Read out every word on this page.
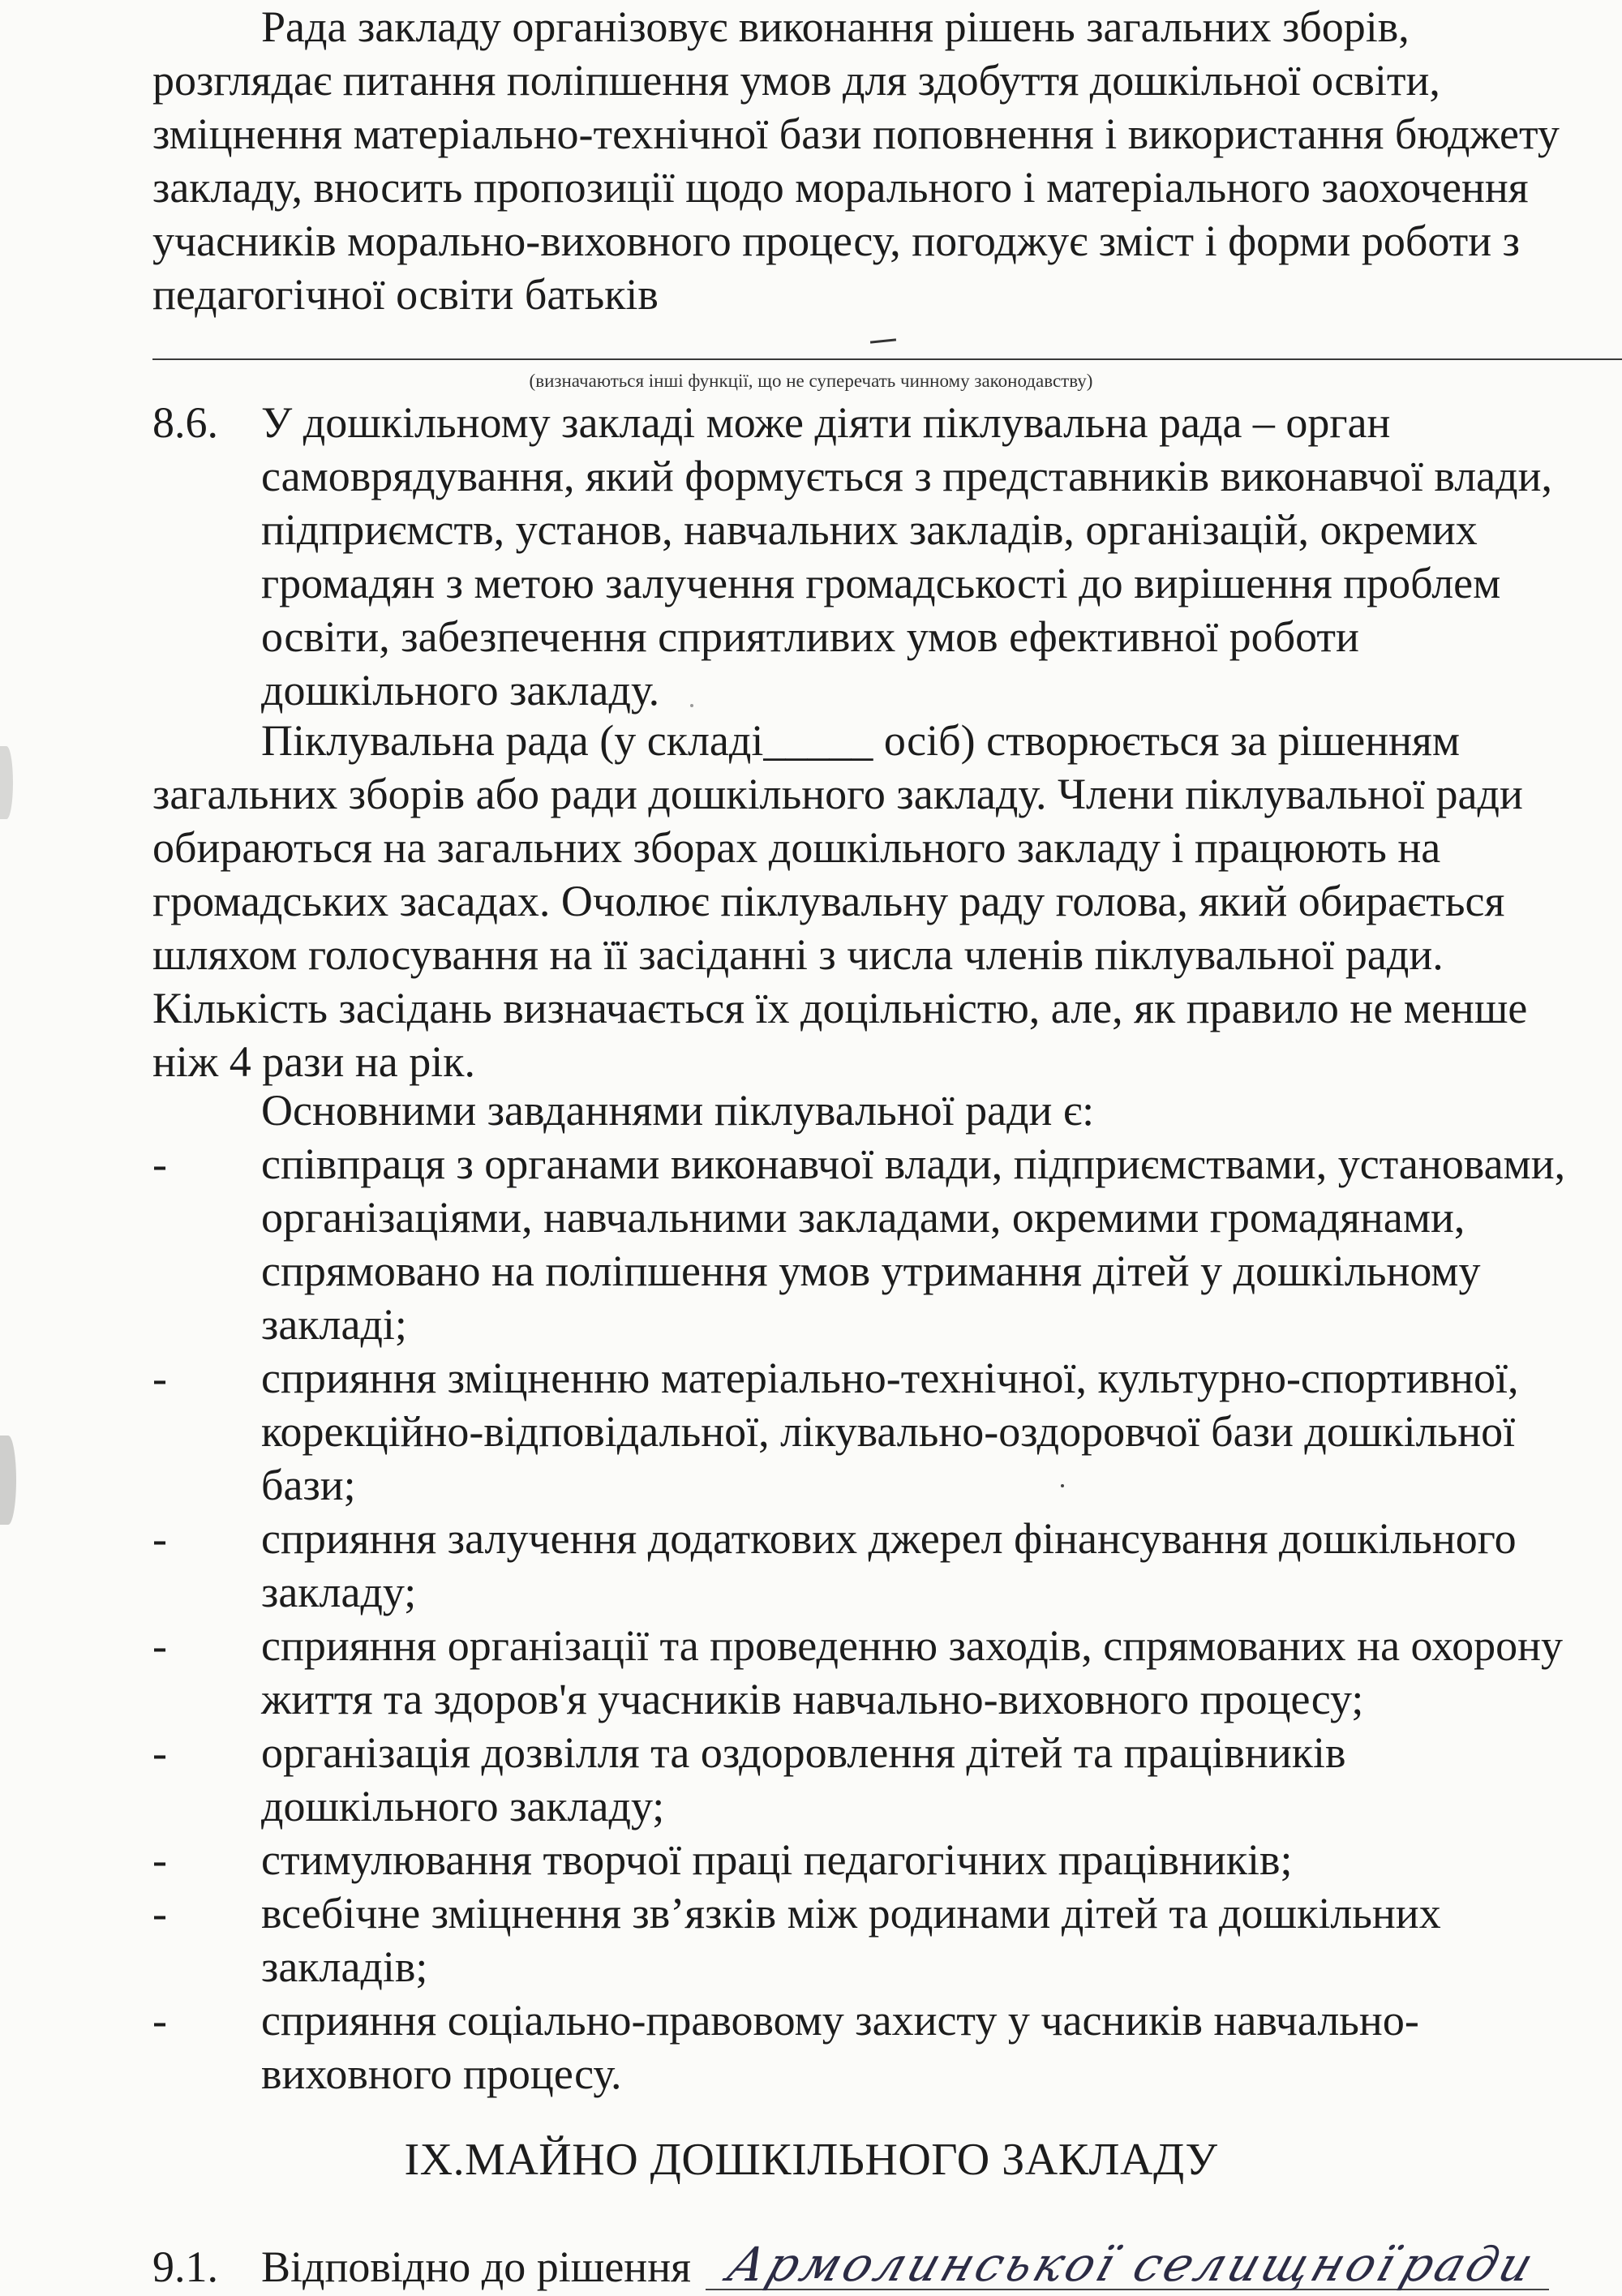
Рада закладу організовує виконання рішень загальних зборів,
розглядає питання поліпшення умов для здобуття дошкільної освіти,
зміцнення матеріально-технічної бази поповнення і використання бюджету
закладу, вносить пропозиції щодо морального і матеріального заохочення
учасників морально-виховного процесу, погоджує зміст і форми роботи з
педагогічної освіти батьків
(визначаються інші функції, що не суперечать чинному законодавству)
8.6. У дошкільному закладі може діяти піклувальна рада – орган
самоврядування, який формується з представників виконавчої влади,
підприємств, установ, навчальних закладів, організацій, окремих
громадян з метою залучення громадськості до вирішення проблем
освіти, забезпечення сприятливих умов ефективної роботи
дошкільного закладу.
Піклувальна рада (у складі_____ осіб) створюється за рішенням
загальних зборів або ради дошкільного закладу. Члени піклувальної ради
обираються на загальних зборах дошкільного закладу і працюють на
громадських засадах. Очолює піклувальну раду голова, який обирається
шляхом голосування на її засіданні з числа членів піклувальної ради.
Кількість засідань визначається їх доцільністю, але, як правило не менше
ніж 4 рази на рік.
Основними завданнями піклувальної ради є:
- співпраця з органами виконавчої влади, підприємствами, установами,
організаціями, навчальними закладами, окремими громадянами,
спрямовано на поліпшення умов утримання дітей у дошкільному
закладі;
- сприяння зміцненню матеріально-технічної, культурно-спортивної,
корекційно-відповідальної, лікувально-оздоровчої бази дошкільної
бази;
- сприяння залучення додаткових джерел фінансування дошкільного
закладу;
- сприяння організації та проведенню заходів, спрямованих на охорону
життя та здоров'я учасників навчально-виховного процесу;
- організація дозвілля та оздоровлення дітей та працівників
дошкільного закладу;
- стимулювання творчої праці педагогічних працівників;
- всебічне зміцнення зв’язків між родинами дітей та дошкільних
закладів;
- сприяння соціально-правовому захисту у часників навчально-
виховного процесу.
IX.МАЙНО ДОШКІЛЬНОГО ЗАКЛАДУ
9.1. Відповідно до рішення Армолинської селищної
ради
